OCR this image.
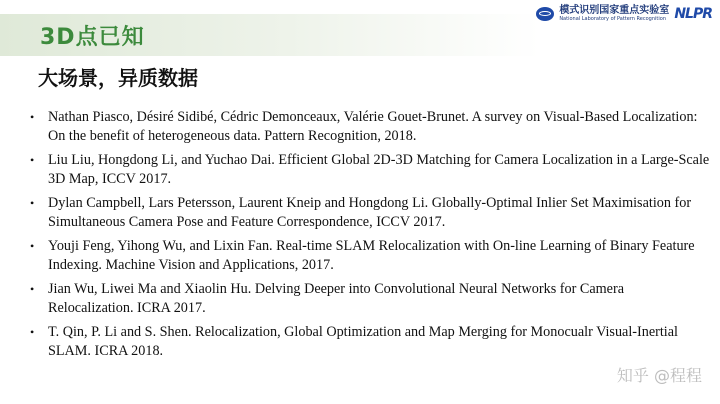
3D点已知
模式识别国家重点实验室
National Laboratory of Pattern Recognition NLPR
大场景，异质数据
• Nathan Piasco, Désiré Sidibé, Cédric Demonceaux, Valérie Gouet-Brunet. A survey on Visual-Based Localization: On the benefit of heterogeneous data. Pattern Recognition, 2018.
• Liu Liu, Hongdong Li, and Yuchao Dai. Efficient Global 2D-3D Matching for Camera Localization in a Large-Scale 3D Map, ICCV 2017.
• Dylan Campbell, Lars Petersson, Laurent Kneip and Hongdong Li. Globally-Optimal Inlier Set Maximisation for Simultaneous Camera Pose and Feature Correspondence, ICCV 2017.
• Youji Feng, Yihong Wu, and Lixin Fan. Real-time SLAM Relocalization with On-line Learning of Binary Feature Indexing. Machine Vision and Applications, 2017.
• Jian Wu, Liwei Ma and Xiaolin Hu. Delving Deeper into Convolutional Neural Networks for Camera Relocalization. ICRA 2017.
• T. Qin, P. Li and S. Shen. Relocalization, Global Optimization and Map Merging for Monocualr Visual-Inertial SLAM. ICRA 2018.
知乎 @程程
